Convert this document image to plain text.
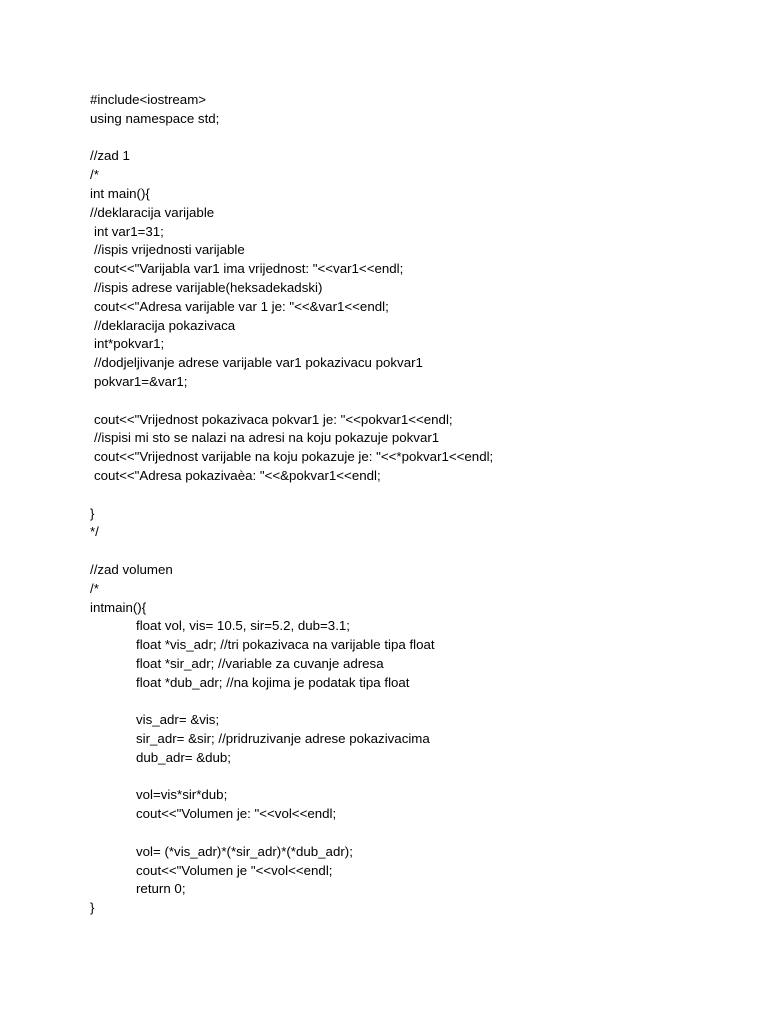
#include<iostream>
using namespace std;
//zad 1
/*
int main(){
//deklaracija varijable
int var1=31;
//ispis vrijednosti varijable
cout<<"Varijabla var1 ima vrijednost: "<<var1<<endl;
//ispis adrese varijable(heksadekadski)
cout<<"Adresa varijable var 1 je: "<<&var1<<endl;
//deklaracija pokazivaca
int*pokvar1;
//dodjeljivanje adrese varijable var1 pokazivacu pokvar1
pokvar1=&var1;
cout<<"Vrijednost pokazivaca pokvar1 je: "<<pokvar1<<endl;
//ispisi mi sto se nalazi na adresi na koju pokazuje pokvar1
cout<<"Vrijednost varijable na koju pokazuje je: "<<*pokvar1<<endl;
cout<<"Adresa pokazivaèa: "<<&pokvar1<<endl;
}
*/
//zad volumen
/*
intmain(){
float vol, vis= 10.5, sir=5.2, dub=3.1;
float *vis_adr; //tri pokazivaca na varijable tipa float
float *sir_adr; //variable za cuvanje adresa
float *dub_adr; //na kojima je podatak tipa float
vis_adr= &vis;
sir_adr= &sir; //pridruzivanje adrese pokazivacima
dub_adr= &dub;
vol=vis*sir*dub;
cout<<"Volumen je: "<<vol<<endl;
vol= (*vis_adr)*(*sir_adr)*(*dub_adr);
cout<<"Volumen je "<<vol<<endl;
return 0;
}
